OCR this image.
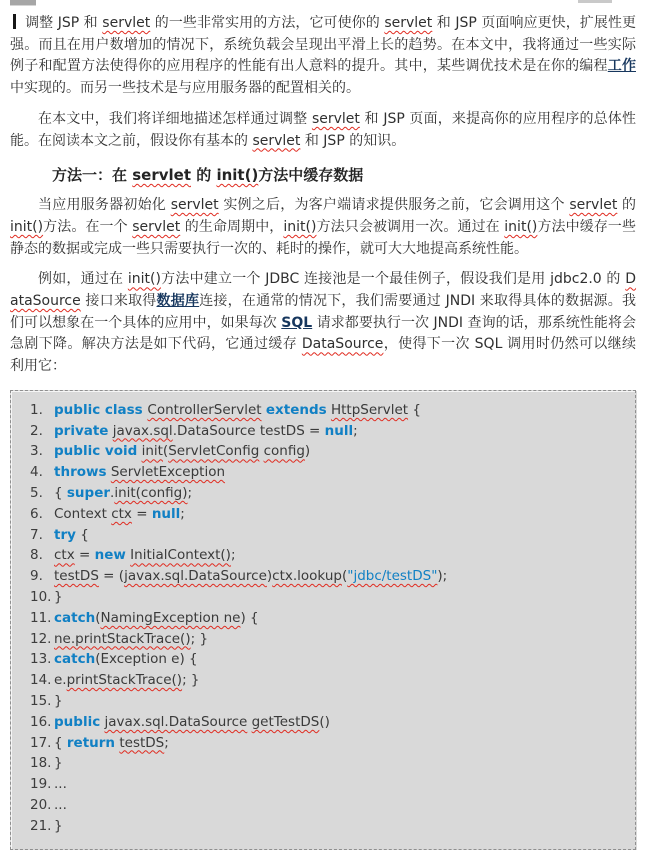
调整 JSP 和 servlet 的一些非常实用的方法，它可使你的 servlet 和 JSP 页面响应更快，扩展性更强。而且在用户数增加的情况下，系统负载会呈现出平滑上长的趋势。在本文中，我将通过一些实际例子和配置方法使得你的应用程序的性能有出人意料的提升。其中，某些调优技术是在你的编程工作中实现的。而另一些技术是与应用服务器的配置相关的。

在本文中，我们将详细地描述怎样通过调整 servlet 和 JSP 页面，来提高你的应用程序的总体性能。在阅读本文之前，假设你有基本的 servlet 和 JSP 的知识。

方法一：在 servlet 的 init()方法中缓存数据

当应用服务器初始化 servlet 实例之后，为客户端请求提供服务之前，它会调用这个 servlet 的 init()方法。在一个 servlet 的生命周期中，init()方法只会被调用一次。通过在 init()方法中缓存一些静态的数据或完成一些只需要执行一次的、耗时的操作，就可大大地提高系统性能。

例如，通过在 init()方法中建立一个 JDBC 连接池是一个最佳例子，假设我们是用 jdbc2.0 的 DataSource 接口来取得数据库连接，在通常的情况下，我们需要通过 JNDI 来取得具体的数据源。我们可以想象在一个具体的应用中，如果每次 SQL 请求都要执行一次 JNDI 查询的话，那系统性能将会急剧下降。解决方法是如下代码，它通过缓存 DataSource，使得下一次 SQL 调用时仍然可以继续利用它：

1. public class ControllerServlet extends HttpServlet {
2. private javax.sql.DataSource testDS = null;
3. public void init(ServletConfig config)
4. throws ServletException
5. { super.init(config);
6. Context ctx = null;
7. try {
8. ctx = new InitialContext();
9. testDS = (javax.sql.DataSource)ctx.lookup("jdbc/testDS");
10. }
11. catch(NamingException ne) {
12. ne.printStackTrace(); }
13. catch(Exception e) {
14. e.printStackTrace(); }
15. }
16. public javax.sql.DataSource getTestDS()
17. { return testDS;
18. }
19. ...
20. ...
21. }
